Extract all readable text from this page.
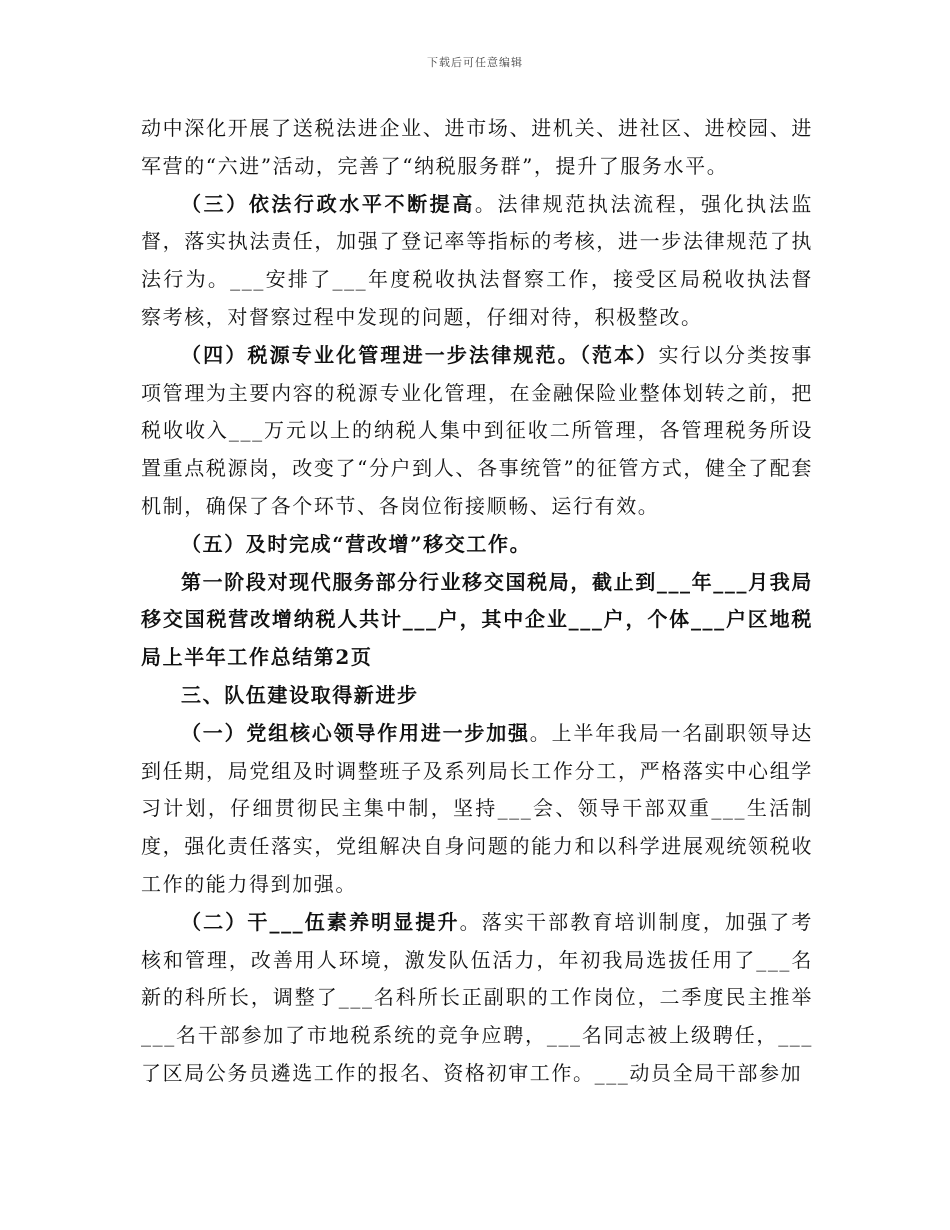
下载后可任意编辑

动中深化开展了送税法进企业、进市场、进机关、进社区、进校园、进军营的“六进”活动，完善了“纳税服务群”，提升了服务水平。

（三）依法行政水平不断提高。法律规范执法流程，强化执法监督，落实执法责任，加强了登记率等指标的考核，进一步法律规范了执法行为。___安排了___年度税收执法督察工作，接受区局税收执法督察考核，对督察过程中发现的问题，仔细对待，积极整改。

（四）税源专业化管理进一步法律规范。（范本）实行以分类按事项管理为主要内容的税源专业化管理，在金融保险业整体划转之前，把税收收入___万元以上的纳税人集中到征收二所管理，各管理税务所设置重点税源岗，改变了“分户到人、各事统管”的征管方式，健全了配套机制，确保了各个环节、各岗位衔接顺畅、运行有效。

（五）及时完成“营改增”移交工作。

第一阶段对现代服务部分行业移交国税局，截止到___年___月我局移交国税营改增纳税人共计___户，其中企业___户，个体___户区地税局上半年工作总结第2页

三、队伍建设取得新进步

（一）党组核心领导作用进一步加强。上半年我局一名副职领导达到任期，局党组及时调整班子及系列局长工作分工，严格落实中心组学习计划，仔细贯彻民主集中制，坚持___会、领导干部双重___生活制度，强化责任落实，党组解决自身问题的能力和以科学进展观统领税收工作的能力得到加强。

（二）干___伍素养明显提升。落实干部教育培训制度，加强了考核和管理，改善用人环境，激发队伍活力，年初我局选拔任用了___名新的科所长，调整了___名科所长正副职的工作岗位，二季度民主推举___名干部参加了市地税系统的竞争应聘，___名同志被上级聘任，___了区局公务员遴选工作的报名、资格初审工作。___动员全局干部参加
